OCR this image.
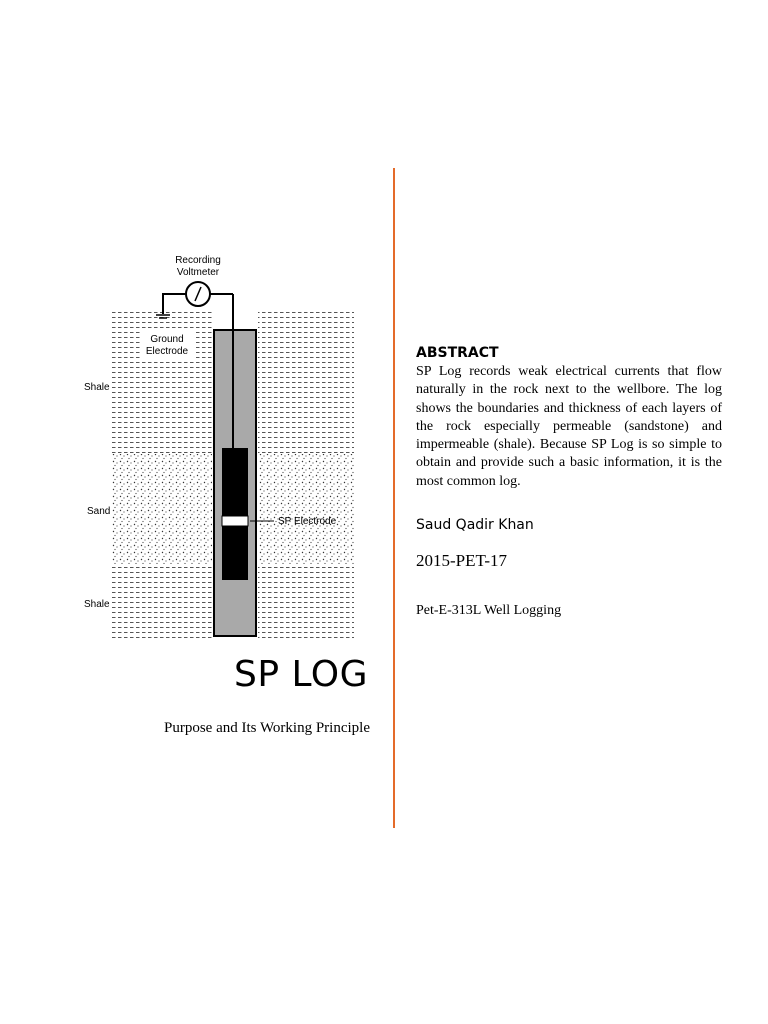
Recording
Voltmeter
Ground
Electrode
Shale
Sand
Shale
SP Electrode
SP LOG
Purpose and Its Working Principle
ABSTRACT

SP Log records weak electrical currents that flow naturally in the rock next to the wellbore. The log shows the boundaries and thickness of each layers of the rock especially permeable (sandstone) and impermeable (shale). Because SP Log is so simple to obtain and provide such a basic information, it is the most common log.

Saud Qadir Khan
2015-PET-17
Pet-E-313L Well Logging
